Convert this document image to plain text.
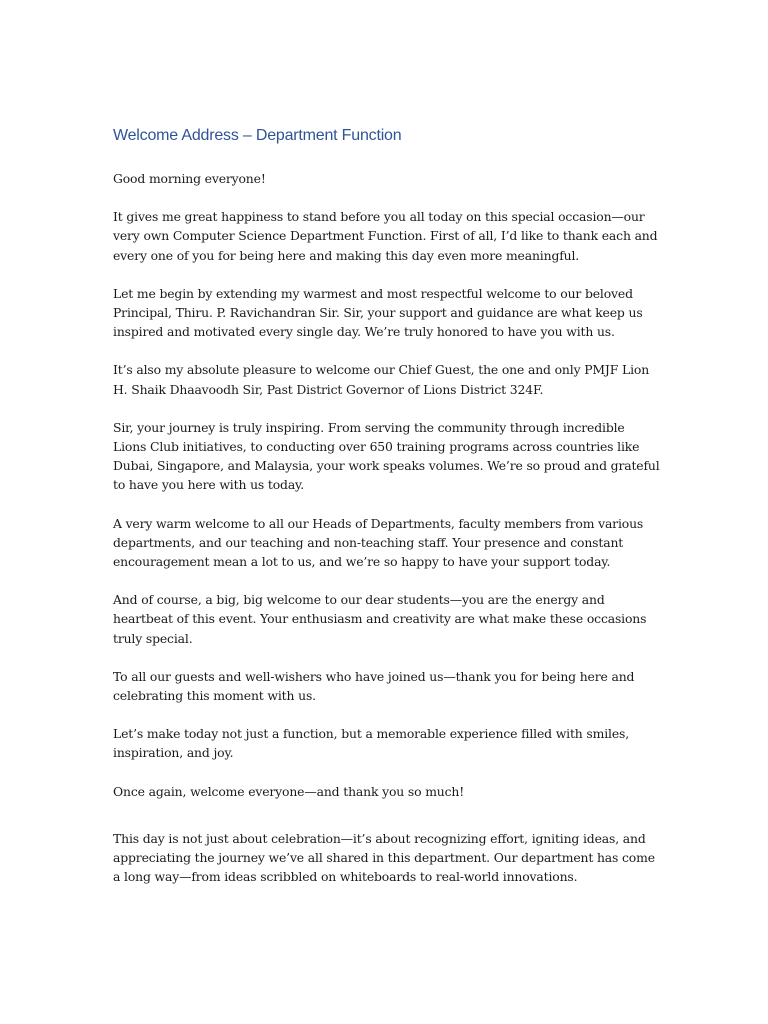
Welcome Address – Department Function

Good morning everyone!

It gives me great happiness to stand before you all today on this special occasion—our very own Computer Science Department Function. First of all, I’d like to thank each and every one of you for being here and making this day even more meaningful.

Let me begin by extending my warmest and most respectful welcome to our beloved Principal, Thiru. P. Ravichandran Sir. Sir, your support and guidance are what keep us inspired and motivated every single day. We’re truly honored to have you with us.

It’s also my absolute pleasure to welcome our Chief Guest, the one and only PMJF Lion H. Shaik Dhaavoodh Sir, Past District Governor of Lions District 324F.

Sir, your journey is truly inspiring. From serving the community through incredible Lions Club initiatives, to conducting over 650 training programs across countries like Dubai, Singapore, and Malaysia, your work speaks volumes. We’re so proud and grateful to have you here with us today.

A very warm welcome to all our Heads of Departments, faculty members from various departments, and our teaching and non-teaching staff. Your presence and constant encouragement mean a lot to us, and we’re so happy to have your support today.

And of course, a big, big welcome to our dear students—you are the energy and heartbeat of this event. Your enthusiasm and creativity are what make these occasions truly special.

To all our guests and well-wishers who have joined us—thank you for being here and celebrating this moment with us.

Let’s make today not just a function, but a memorable experience filled with smiles, inspiration, and joy.

Once again, welcome everyone—and thank you so much!

This day is not just about celebration—it’s about recognizing effort, igniting ideas, and appreciating the journey we’ve all shared in this department. Our department has come a long way—from ideas scribbled on whiteboards to real-world innovations.
